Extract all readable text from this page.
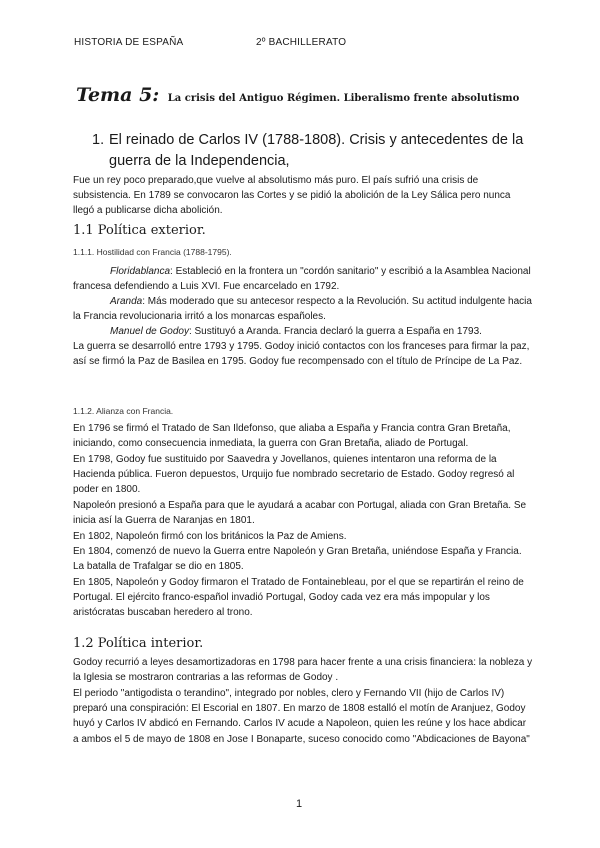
HISTORIA DE ESPAÑA	2º BACHILLERATO
Tema 5: La crisis del Antiguo Régimen. Liberalismo frente absolutismo
1. El reinado de Carlos IV (1788-1808). Crisis y antecedentes de la guerra de la Independencia,
Fue un rey poco preparado,que vuelve al absolutismo más puro. El país sufrió una crisis de subsistencia. En 1789 se convocaron las Cortes y se pidió la abolición de la Ley Sálica pero nunca llegó a publicarse dicha abolición.
1.1 Política exterior.
1.1.1. Hostilidad con Francia (1788-1795).
Floridablanca: Estableció en la frontera un "cordón sanitario" y escribió a la Asamblea Nacional francesa defendiendo a Luis XVI. Fue encarcelado en 1792.
Aranda: Más moderado que su antecesor respecto a la Revolución. Su actitud indulgente hacia la Francia revolucionaria irritó a los monarcas españoles.
Manuel de Godoy: Sustituyó a Aranda. Francia declaró la guerra a España en 1793.
La guerra se desarrolló entre 1793 y 1795. Godoy inició contactos con los franceses para firmar la paz, así se firmó la Paz de Basilea en 1795. Godoy fue recompensado con el título de Príncipe de La Paz.
1.1.2. Alianza con Francia.
En 1796 se firmó el Tratado de San Ildefonso, que aliaba a España y Francia contra Gran Bretaña, iniciando, como consecuencia inmediata, la guerra con Gran Bretaña, aliado de Portugal.
En 1798, Godoy fue sustituido por Saavedra y Jovellanos, quienes intentaron una reforma de la Hacienda pública. Fueron depuestos, Urquijo fue nombrado secretario de Estado. Godoy regresó al poder en 1800.
Napoleón presionó a España para que le ayudará a acabar con Portugal, aliada con Gran Bretaña. Se inicia así la Guerra de Naranjas en 1801.
En 1802, Napoleón firmó con los británicos la Paz de Amiens.
En 1804, comenzó de nuevo la Guerra entre Napoleón y Gran Bretaña, uniéndose España y Francia. La batalla de Trafalgar se dio en 1805.
En 1805, Napoleón y Godoy firmaron el Tratado de Fontainebleau, por el que se repartirán el reino de Portugal. El ejército franco-español invadió Portugal, Godoy cada vez era más impopular y los aristócratas buscaban heredero al trono.
1.2 Política interior.
Godoy recurrió a leyes desamortizadoras en 1798 para hacer frente a una crisis financiera: la nobleza y la Iglesia se mostraron contrarias a las reformas de Godoy .
El periodo "antigodista o terandino", integrado por nobles, clero y Fernando VII (hijo de Carlos IV) preparó una conspiración: El Escorial en 1807. En marzo de 1808 estalló el motín de Aranjuez, Godoy huyó y Carlos IV abdicó en Fernando. Carlos IV acude a Napoleon, quien les reúne y los hace abdicar a ambos el 5 de mayo de 1808 en Jose I Bonaparte, suceso conocido como "Abdicaciones de Bayona"
1
